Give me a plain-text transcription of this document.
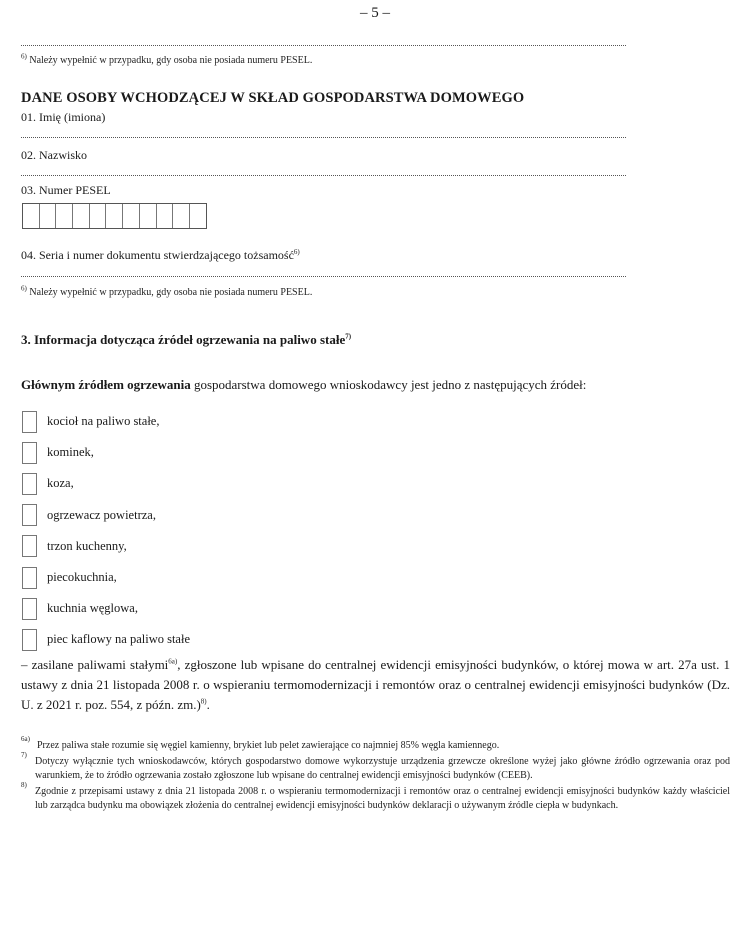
– 5 –
$^{6)}$ Należy wypełnić w przypadku, gdy osoba nie posiada numeru PESEL.
DANE OSOBY WCHODZĄCEJ W SKŁAD GOSPODARSTWA DOMOWEGO
01. Imię (imiona)
02. Nazwisko
03. Numer PESEL
04. Seria i numer dokumentu stwierdzającego tożsamość$^{6)}$
$^{6)}$ Należy wypełnić w przypadku, gdy osoba nie posiada numeru PESEL.
3. Informacja dotycząca źródeł ogrzewania na paliwo stałe$^{7)}$
Głównym źródłem ogrzewania gospodarstwa domowego wnioskodawcy jest jedno z następujących źródeł:
kocioł na paliwo stałe,
kominek,
koza,
ogrzewacz powietrza,
trzon kuchenny,
piecokuchnia,
kuchnia węglowa,
piec kaflowy na paliwo stałe
– zasilane paliwami stałymi$^{6a)}$, zgłoszone lub wpisane do centralnej ewidencji emisyjności budynków, o której mowa w art. 27a ust. 1 ustawy z dnia 21 listopada 2008 r. o wspieraniu termomodernizacji i remontów oraz o centralnej ewidencji emisyjności budynków (Dz. U. z 2021 r. poz. 554, z późn. zm.)$^{8)}$.
6a)
Przez paliwa stałe rozumie się węgiel kamienny, brykiet lub pelet zawierające co najmniej 85% węgla kamiennego.
7)
Dotyczy wyłącznie tych wnioskodawców, których gospodarstwo domowe wykorzystuje urządzenia grzewcze określone wyżej jako główne źródło ogrzewania oraz pod warunkiem, że to źródło ogrzewania zostało zgłoszone lub wpisane do centralnej ewidencji emisyjności budynków (CEEB).
8)
Zgodnie z przepisami ustawy z dnia 21 listopada 2008 r. o wspieraniu termomodernizacji i remontów oraz o centralnej ewidencji emisyjności budynków każdy właściciel lub zarządca budynku ma obowiązek złożenia do centralnej ewidencji emisyjności budynków deklaracji o używanym źródle ciepła w budynkach.
